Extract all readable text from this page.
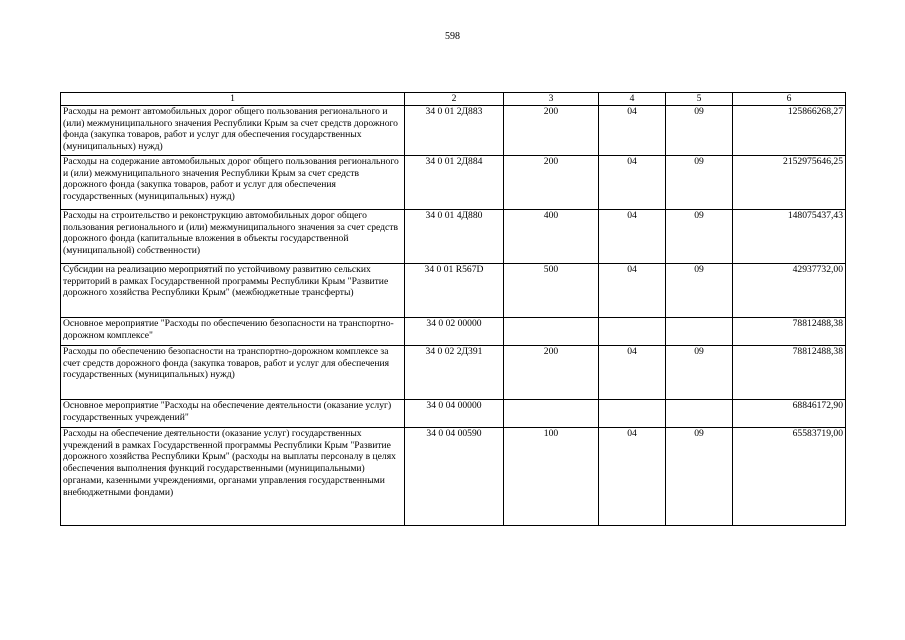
598
1	2	3	4	5	6
Расходы на ремонт автомобильных дорог общего пользования регионального и (или) межмуниципального значения Республики Крым за счет средств дорожного фонда (закупка товаров, работ и услуг для обеспечения государственных (муниципальных) нужд)	34 0 01 2Д883	200	04	09	125866268,27
Расходы на содержание автомобильных дорог общего пользования регионального и (или) межмуниципального значения Республики Крым за счет средств дорожного фонда (закупка товаров, работ и услуг для обеспечения государственных (муниципальных) нужд)	34 0 01 2Д884	200	04	09	2152975646,25
Расходы на строительство и реконструкцию автомобильных дорог общего пользования регионального и (или) межмуниципального значения за счет средств дорожного фонда (капитальные вложения в объекты государственной (муниципальной) собственности)	34 0 01 4Д880	400	04	09	148075437,43
Субсидии на реализацию мероприятий по устойчивому развитию сельских территорий в рамках Государственной программы Республики Крым "Развитие дорожного хозяйства Республики Крым" (межбюджетные трансферты)	34 0 01 R567D	500	04	09	42937732,00
Основное мероприятие "Расходы по обеспечению безопасности на транспортно-дорожном комплексе"	34 0 02 00000				78812488,38
Расходы по обеспечению безопасности на транспортно-дорожном комплексе за счет средств дорожного фонда (закупка товаров, работ и услуг для обеспечения государственных (муниципальных) нужд)	34 0 02 2Д391	200	04	09	78812488,38
Основное мероприятие "Расходы на обеспечение деятельности (оказание услуг) государственных учреждений"	34 0 04 00000				68846172,90
Расходы на обеспечение деятельности (оказание услуг) государственных учреждений в рамках Государственной программы Республики Крым "Развитие дорожного хозяйства Республики Крым" (расходы на выплаты персоналу в целях обеспечения выполнения функций государственными (муниципальными) органами, казенными учреждениями, органами управления государственными внебюджетными фондами)	34 0 04 00590	100	04	09	65583719,00
